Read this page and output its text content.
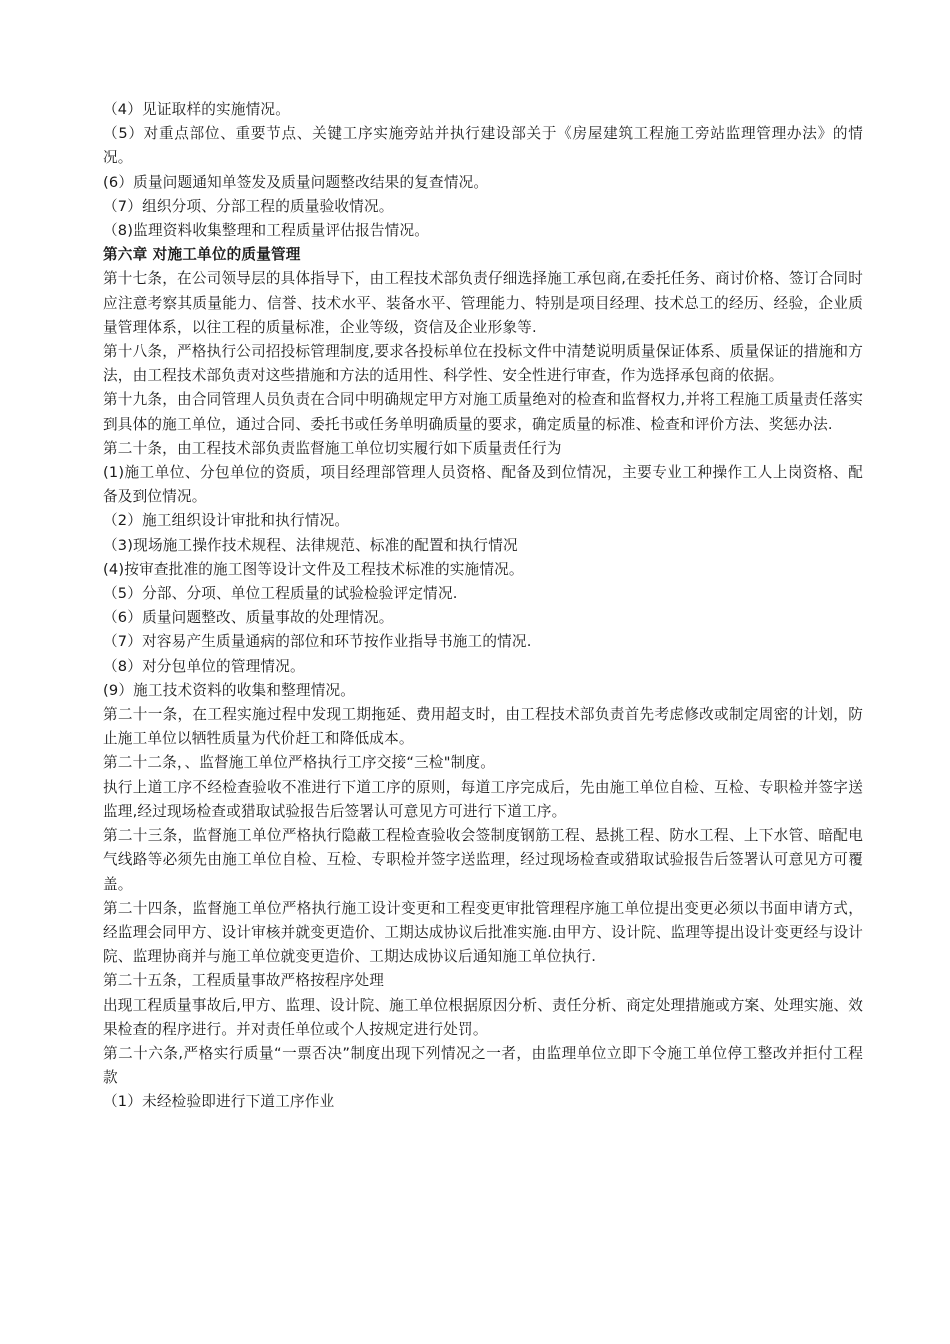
（4）见证取样的实施情况。

（5）对重点部位、重要节点、关键工序实施旁站并执行建设部关于《房屋建筑工程施工旁站监理管理办法》的情况。

(6）质量问题通知单签发及质量问题整改结果的复查情况。

（7）组织分项、分部工程的质量验收情况。

（8)监理资料收集整理和工程质量评估报告情况。

第六章 对施工单位的质量管理

第十七条，在公司领导层的具体指导下，由工程技术部负责仔细选择施工承包商,在委托任务、商讨价格、签订合同时应注意考察其质量能力、信誉、技术水平、装备水平、管理能力、特别是项目经理、技术总工的经历、经验，企业质量管理体系，以往工程的质量标准，企业等级，资信及企业形象等.

第十八条，严格执行公司招投标管理制度,要求各投标单位在投标文件中清楚说明质量保证体系、质量保证的措施和方法，由工程技术部负责对这些措施和方法的适用性、科学性、安全性进行审查，作为选择承包商的依据。

第十九条，由合同管理人员负责在合同中明确规定甲方对施工质量绝对的检查和监督权力,并将工程施工质量责任落实到具体的施工单位，通过合同、委托书或任务单明确质量的要求，确定质量的标准、检查和评价方法、奖惩办法.

第二十条，由工程技术部负责监督施工单位切实履行如下质量责任行为

(1)施工单位、分包单位的资质，项目经理部管理人员资格、配备及到位情况，主要专业工种操作工人上岗资格、配备及到位情况。

（2）施工组织设计审批和执行情况。

（3)现场施工操作技术规程、法律规范、标准的配置和执行情况

(4)按审查批准的施工图等设计文件及工程技术标准的实施情况。

（5）分部、分项、单位工程质量的试验检验评定情况.

（6）质量问题整改、质量事故的处理情况。

（7）对容易产生质量通病的部位和环节按作业指导书施工的情况.

（8）对分包单位的管理情况。

(9）施工技术资料的收集和整理情况。

第二十一条，在工程实施过程中发现工期拖延、费用超支时，由工程技术部负责首先考虑修改或制定周密的计划，防止施工单位以牺牲质量为代价赶工和降低成本。

第二十二条，、监督施工单位严格执行工序交接“三检"制度。

执行上道工序不经检查验收不准进行下道工序的原则，每道工序完成后，先由施工单位自检、互检、专职检并签字送监理,经过现场检查或猎取试验报告后签署认可意见方可进行下道工序。

第二十三条，监督施工单位严格执行隐蔽工程检查验收会签制度钢筋工程、悬挑工程、防水工程、上下水管、暗配电气线路等必须先由施工单位自检、互检、专职检并签字送监理，经过现场检查或猎取试验报告后签署认可意见方可覆盖。

第二十四条，监督施工单位严格执行施工设计变更和工程变更审批管理程序施工单位提出变更必须以书面申请方式，经监理会同甲方、设计审核并就变更造价、工期达成协议后批准实施.由甲方、设计院、监理等提出设计变更经与设计院、监理协商并与施工单位就变更造价、工期达成协议后通知施工单位执行.

第二十五条，工程质量事故严格按程序处理

出现工程质量事故后,甲方、监理、设计院、施工单位根据原因分析、责任分析、商定处理措施或方案、处理实施、效果检查的程序进行。并对责任单位或个人按规定进行处罚。

第二十六条,严格实行质量“一票否决”制度出现下列情况之一者，由监理单位立即下令施工单位停工整改并拒付工程款

（1）未经检验即进行下道工序作业
